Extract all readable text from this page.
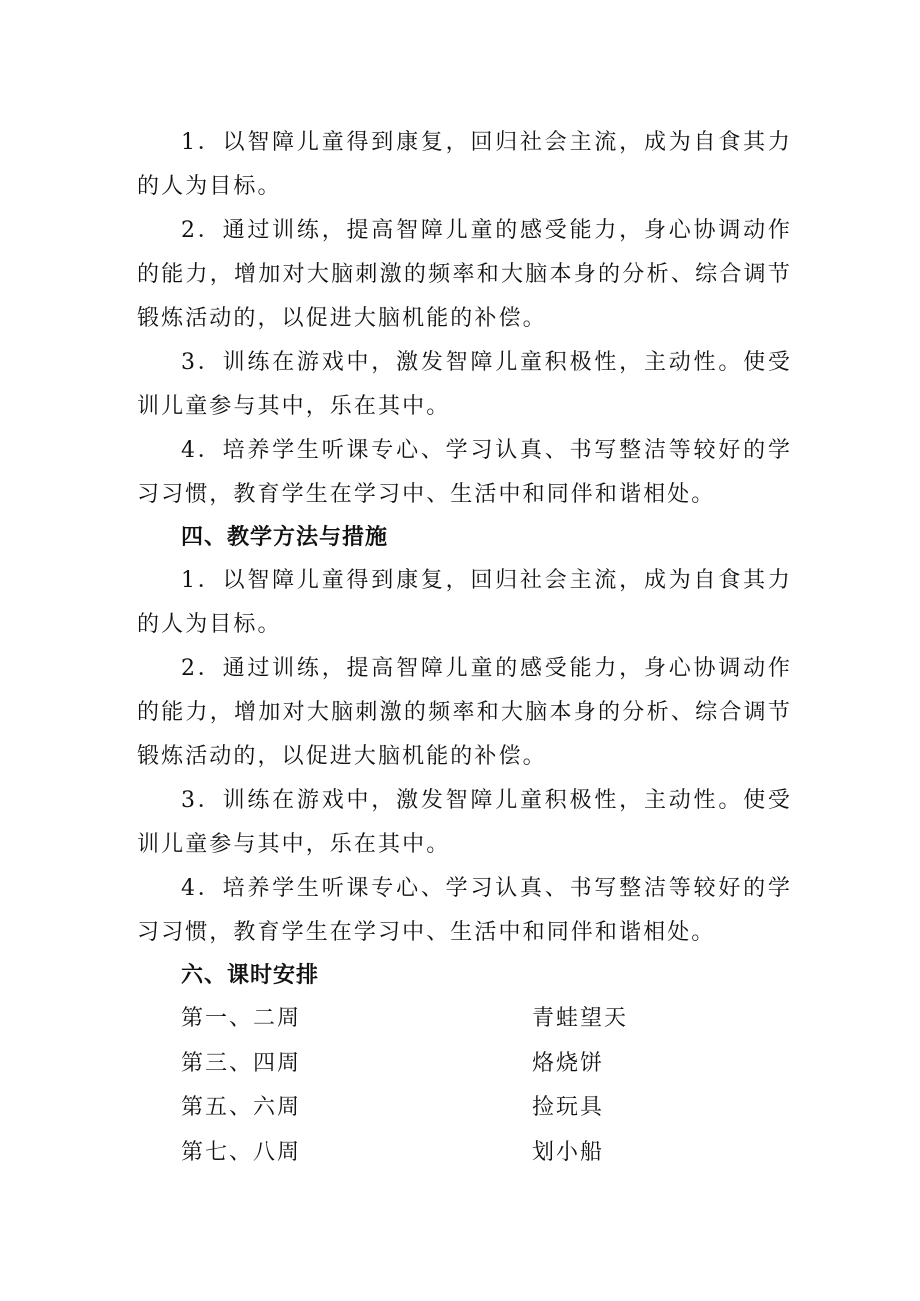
1．以智障儿童得到康复，回归社会主流，成为自食其力的人为目标。

2．通过训练，提高智障儿童的感受能力，身心协调动作的能力，增加对大脑刺激的频率和大脑本身的分析、综合调节锻炼活动的，以促进大脑机能的补偿。

3．训练在游戏中，激发智障儿童积极性，主动性。使受训儿童参与其中，乐在其中。

4．培养学生听课专心、学习认真、书写整洁等较好的学习习惯，教育学生在学习中、生活中和同伴和谐相处。

四、教学方法与措施

1．以智障儿童得到康复，回归社会主流，成为自食其力的人为目标。

2．通过训练，提高智障儿童的感受能力，身心协调动作的能力，增加对大脑刺激的频率和大脑本身的分析、综合调节锻炼活动的，以促进大脑机能的补偿。

3．训练在游戏中，激发智障儿童积极性，主动性。使受训儿童参与其中，乐在其中。

4．培养学生听课专心、学习认真、书写整洁等较好的学习习惯，教育学生在学习中、生活中和同伴和谐相处。

六、课时安排
第一、二周	青蛙望天
第三、四周	烙烧饼
第五、六周	捡玩具
第七、八周	划小船
